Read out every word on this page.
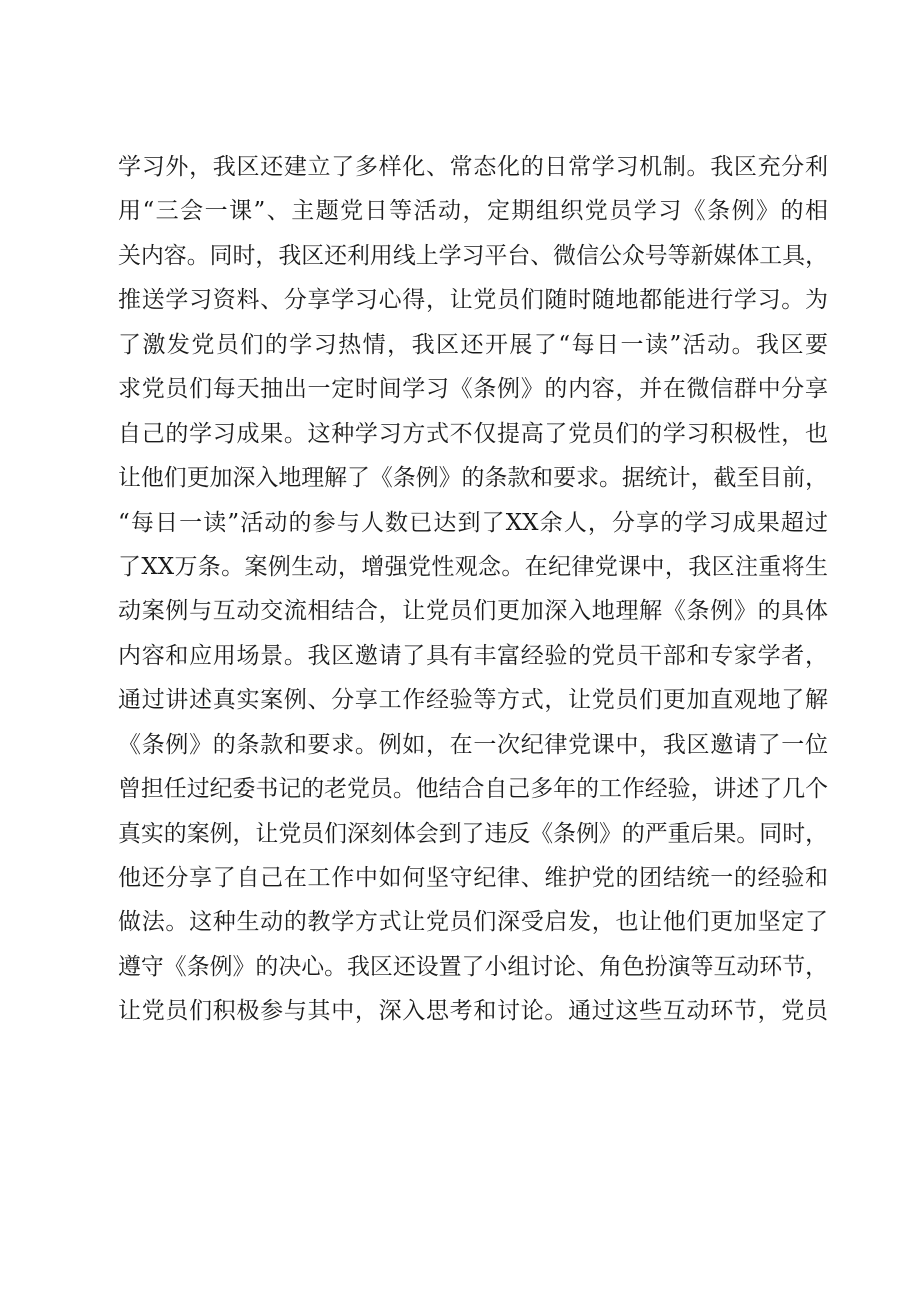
学习外，我区还建立了多样化、常态化的日常学习机制。我区充分利
用“三会一课”、主题党日等活动，定期组织党员学习《条例》的相
关内容。同时，我区还利用线上学习平台、微信公众号等新媒体工具，
推送学习资料、分享学习心得，让党员们随时随地都能进行学习。为
了激发党员们的学习热情，我区还开展了“每日一读”活动。我区要
求党员们每天抽出一定时间学习《条例》的内容，并在微信群中分享
自己的学习成果。这种学习方式不仅提高了党员们的学习积极性，也
让他们更加深入地理解了《条例》的条款和要求。据统计，截至目前，
“每日一读”活动的参与人数已达到了XX余人，分享的学习成果超过
了XX万条。案例生动，增强党性观念。在纪律党课中，我区注重将生
动案例与互动交流相结合，让党员们更加深入地理解《条例》的具体
内容和应用场景。我区邀请了具有丰富经验的党员干部和专家学者，
通过讲述真实案例、分享工作经验等方式，让党员们更加直观地了解
《条例》的条款和要求。例如，在一次纪律党课中，我区邀请了一位
曾担任过纪委书记的老党员。他结合自己多年的工作经验，讲述了几个
真实的案例，让党员们深刻体会到了违反《条例》的严重后果。同时，
他还分享了自己在工作中如何坚守纪律、维护党的团结统一的经验和
做法。这种生动的教学方式让党员们深受启发，也让他们更加坚定了
遵守《条例》的决心。我区还设置了小组讨论、角色扮演等互动环节，
让党员们积极参与其中，深入思考和讨论。通过这些互动环节，党员
